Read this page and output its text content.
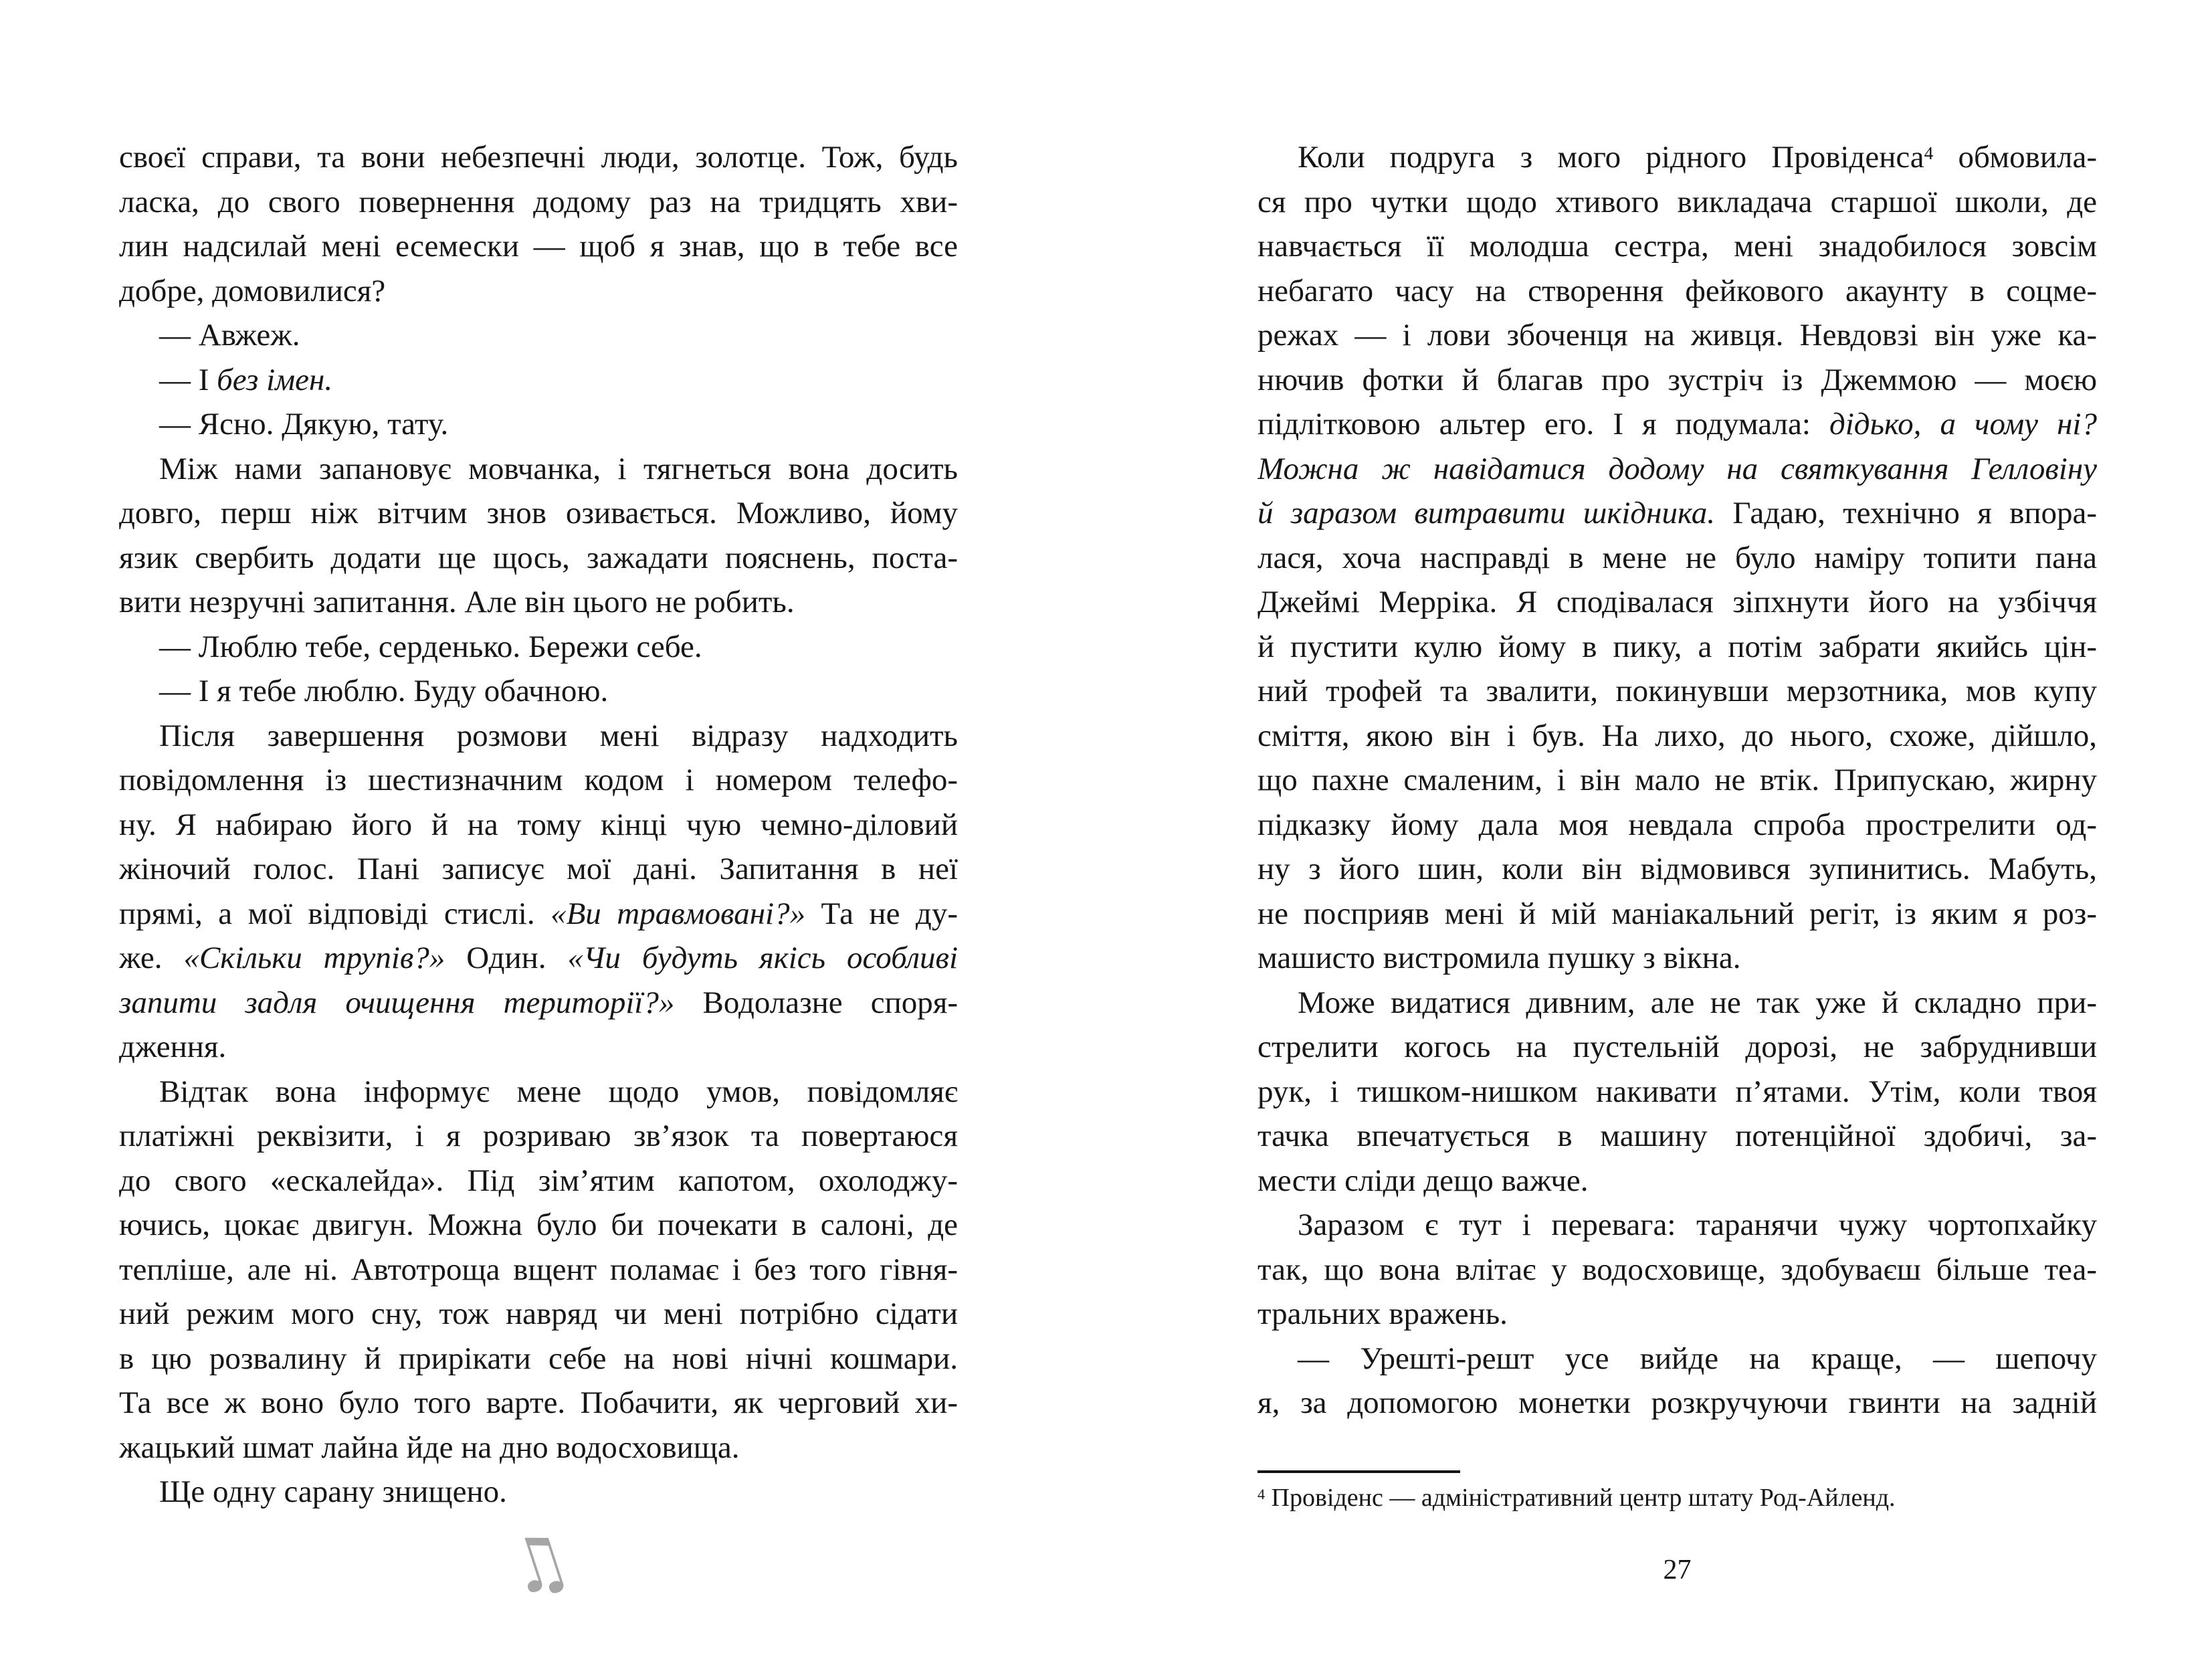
своєї справи, та вони небезпечні люди, золотце. Тож, будь
ласка, до свого повернення додому раз на тридцять хви-
лин надсилай мені есемески — щоб я знав, що в тебе все
добре, домовилися?
— Авжеж.
— І без імен.
— Ясно. Дякую, тату.
Між нами запановує мовчанка, і тягнеться вона досить
довго, перш ніж вітчим знов озивається. Можливо, йому
язик свербить додати ще щось, зажадати пояснень, поста-
вити незручні запитання. Але він цього не робить.
— Люблю тебе, серденько. Бережи себе.
— І я тебе люблю. Буду обачною.
Після завершення розмови мені відразу надходить
повідомлення із шестизначним кодом і номером телефо-
ну. Я набираю його й на тому кінці чую чемно-діловий
жіночий голос. Пані записує мої дані. Запитання в неї
прямі, а мої відповіді стислі. «Ви травмовані?» Та не ду-
же. «Скільки трупів?» Один. «Чи будуть якісь особливі
запити задля очищення території?» Водолазне споря-
дження.
Відтак вона інформує мене щодо умов, повідомляє
платіжні реквізити, і я розриваю зв’язок та повертаюся
до свого «ескалейда». Під зім’ятим капотом, охолоджу-
ючись, цокає двигун. Можна було би почекати в салоні, де
тепліше, але ні. Автотроща вщент поламає і без того гівня-
ний режим мого сну, тож навряд чи мені потрібно сідати
в цю розвалину й прирікати себе на нові нічні кошмари.
Та все ж воно було того варте. Побачити, як черговий хи-
жацький шмат лайна йде на дно водосховища.
Ще одну сарану знищено.
Коли подруга з мого рідного Провіденса$^4$ обмовила-
ся про чутки щодо хтивого викладача старшої школи, де
навчається її молодша сестра, мені знадобилося зовсім
небагато часу на створення фейкового акаунту в соцме-
режах — і лови збоченця на живця. Невдовзі він уже ка-
нючив фотки й благав про зустріч із Джеммою — моєю
підлітковою альтер его. І я подумала: дідько, а чому ні?
Можна ж навідатися додому на святкування Гелловіну
й заразом витравити шкідника. Гадаю, технічно я впора-
лася, хоча насправді в мене не було наміру топити пана
Джеймі Мерріка. Я сподівалася зіпхнути його на узбіччя
й пустити кулю йому в пику, а потім забрати якийсь цін-
ний трофей та звалити, покинувши мерзотника, мов купу
сміття, якою він і був. На лихо, до нього, схоже, дійшло,
що пахне смаленим, і він мало не втік. Припускаю, жирну
підказку йому дала моя невдала спроба прострелити од-
ну з його шин, коли він відмовився зупинитись. Мабуть,
не посприяв мені й мій маніакальний регіт, із яким я роз-
машисто вистромила пушку з вікна.
Може видатися дивним, але не так уже й складно при-
стрелити когось на пустельній дорозі, не забруднивши
рук, і тишком-нишком накивати п’ятами. Утім, коли твоя
тачка впечатується в машину потенційної здобичі, за-
мести сліди дещо важче.
Заразом є тут і перевага: таранячи чужу чортопхайку
так, що вона влітає у водосховище, здобуваєш більше теа-
тральних вражень.
— Урешті-решт усе вийде на краще, — шепочу
я, за допомогою монетки розкручуючи гвинти на задній
♫
$^4$ Провіденс — адміністративний центр штату Род-Айленд.
27
